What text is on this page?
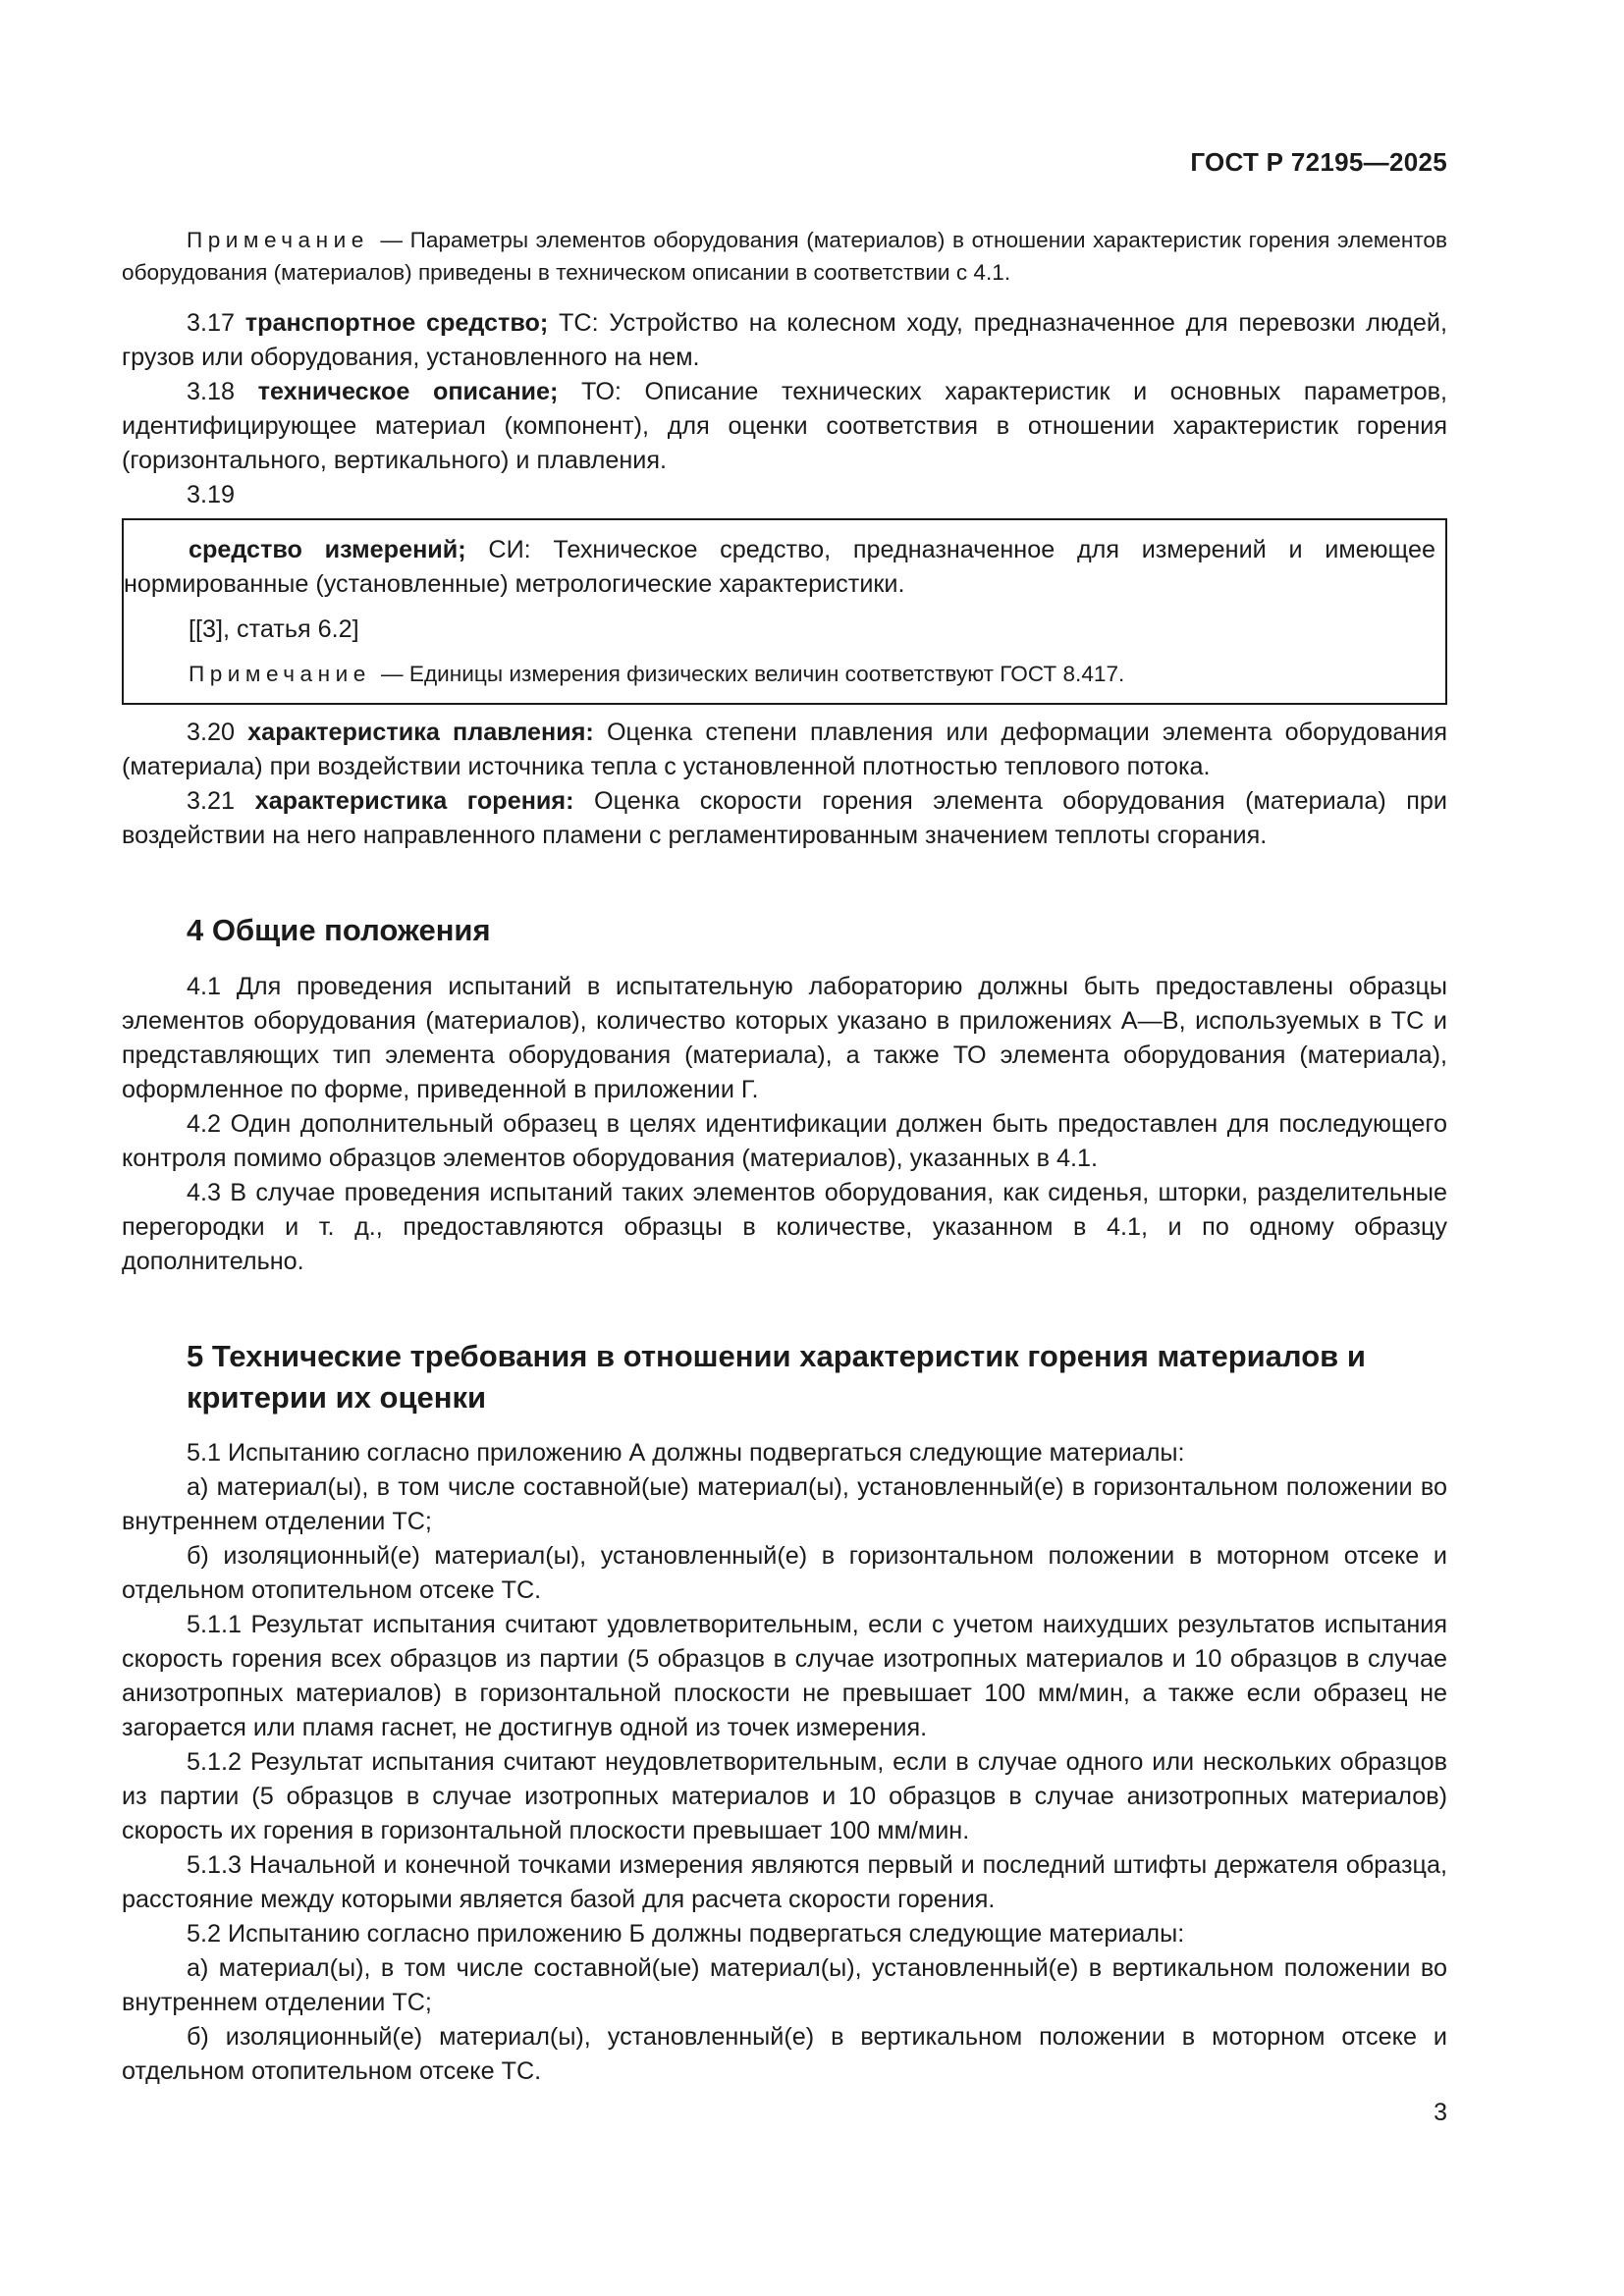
ГОСТ Р 72195—2025

Примечание — Параметры элементов оборудования (материалов) в отношении характеристик горения элементов оборудования (материалов) приведены в техническом описании в соответствии с 4.1.

3.17 транспортное средство; ТС: Устройство на колесном ходу, предназначенное для перевозки людей, грузов или оборудования, установленного на нем.

3.18 техническое описание; ТО: Описание технических характеристик и основных параметров, идентифицирующее материал (компонент), для оценки соответствия в отношении характеристик горения (горизонтального, вертикального) и плавления.

3.19

средство измерений; СИ: Техническое средство, предназначенное для измерений и имеющее нормированные (установленные) метрологические характеристики.

[[3], статья 6.2]

Примечание — Единицы измерения физических величин соответствуют ГОСТ 8.417.

3.20 характеристика плавления: Оценка степени плавления или деформации элемента оборудования (материала) при воздействии источника тепла с установленной плотностью теплового потока.

3.21 характеристика горения: Оценка скорости горения элемента оборудования (материала) при воздействии на него направленного пламени с регламентированным значением теплоты сгорания.

4 Общие положения

4.1 Для проведения испытаний в испытательную лабораторию должны быть предоставлены образцы элементов оборудования (материалов), количество которых указано в приложениях А—В, используемых в ТС и представляющих тип элемента оборудования (материала), а также ТО элемента оборудования (материала), оформленное по форме, приведенной в приложении Г.

4.2 Один дополнительный образец в целях идентификации должен быть предоставлен для последующего контроля помимо образцов элементов оборудования (материалов), указанных в 4.1.

4.3 В случае проведения испытаний таких элементов оборудования, как сиденья, шторки, разделительные перегородки и т. д., предоставляются образцы в количестве, указанном в 4.1, и по одному образцу дополнительно.

5 Технические требования в отношении характеристик горения материалов и критерии их оценки

5.1 Испытанию согласно приложению А должны подвергаться следующие материалы:

а) материал(ы), в том числе составной(ые) материал(ы), установленный(е) в горизонтальном положении во внутреннем отделении ТС;

б) изоляционный(е) материал(ы), установленный(е) в горизонтальном положении в моторном отсеке и отдельном отопительном отсеке ТС.

5.1.1 Результат испытания считают удовлетворительным, если с учетом наихудших результатов испытания скорость горения всех образцов из партии (5 образцов в случае изотропных материалов и 10 образцов в случае анизотропных материалов) в горизонтальной плоскости не превышает 100 мм/мин, а также если образец не загорается или пламя гаснет, не достигнув одной из точек измерения.

5.1.2 Результат испытания считают неудовлетворительным, если в случае одного или нескольких образцов из партии (5 образцов в случае изотропных материалов и 10 образцов в случае анизотропных материалов) скорость их горения в горизонтальной плоскости превышает 100 мм/мин.

5.1.3 Начальной и конечной точками измерения являются первый и последний штифты держателя образца, расстояние между которыми является базой для расчета скорости горения.

5.2 Испытанию согласно приложению Б должны подвергаться следующие материалы:

а) материал(ы), в том числе составной(ые) материал(ы), установленный(е) в вертикальном положении во внутреннем отделении ТС;

б) изоляционный(е) материал(ы), установленный(е) в вертикальном положении в моторном отсеке и отдельном отопительном отсеке ТС.

3
